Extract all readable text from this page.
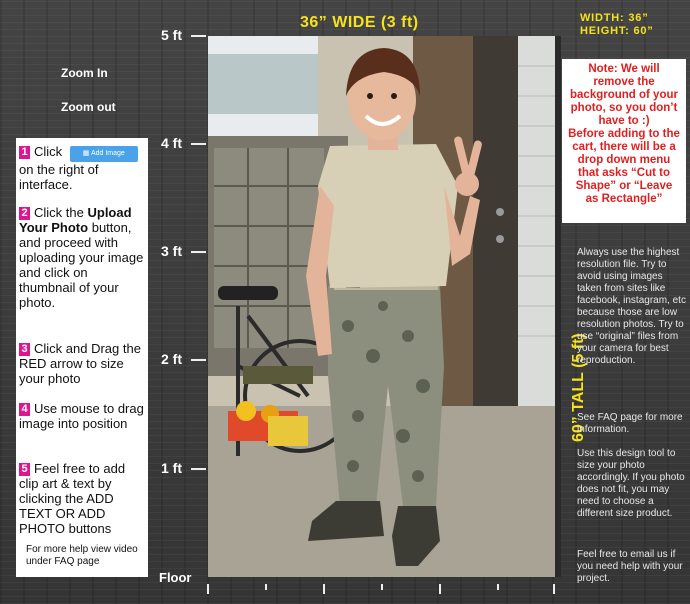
36” WIDE (3 ft)	WIDTH: 36”
HEIGHT: 60”
Zoom In
Zoom out
5 ft
4 ft
3 ft
2 ft
1 ft
Floor
1 Click	▦ Add Image on the right of interface.
2 Click the Upload Your Photo button, and proceed with uploading your image and click on thumbnail of your photo.
3 Click and Drag the RED arrow to size your photo
4 Use mouse to drag image into position
5 Feel free to add clip art & text by clicking the ADD TEXT OR ADD PHOTO buttons
For more help view video under FAQ page
Note: We will remove the background of your photo, so you don’t have to :)
Before adding to the cart, there will be a drop down menu that asks “Cut to Shape” or “Leave as Rectangle”
60” TALL (5 ft)
Always use the highest resolution file. Try to avoid using images taken from sites like facebook, instagram, etc because those are low resolution photos. Try to use “original” files from your camera for best reproduction.
See FAQ page for more information.
Use this design tool to size your photo accordingly. If you photo does not fit, you may need to choose a different size product.
Feel free to email us if you need help with your project.
